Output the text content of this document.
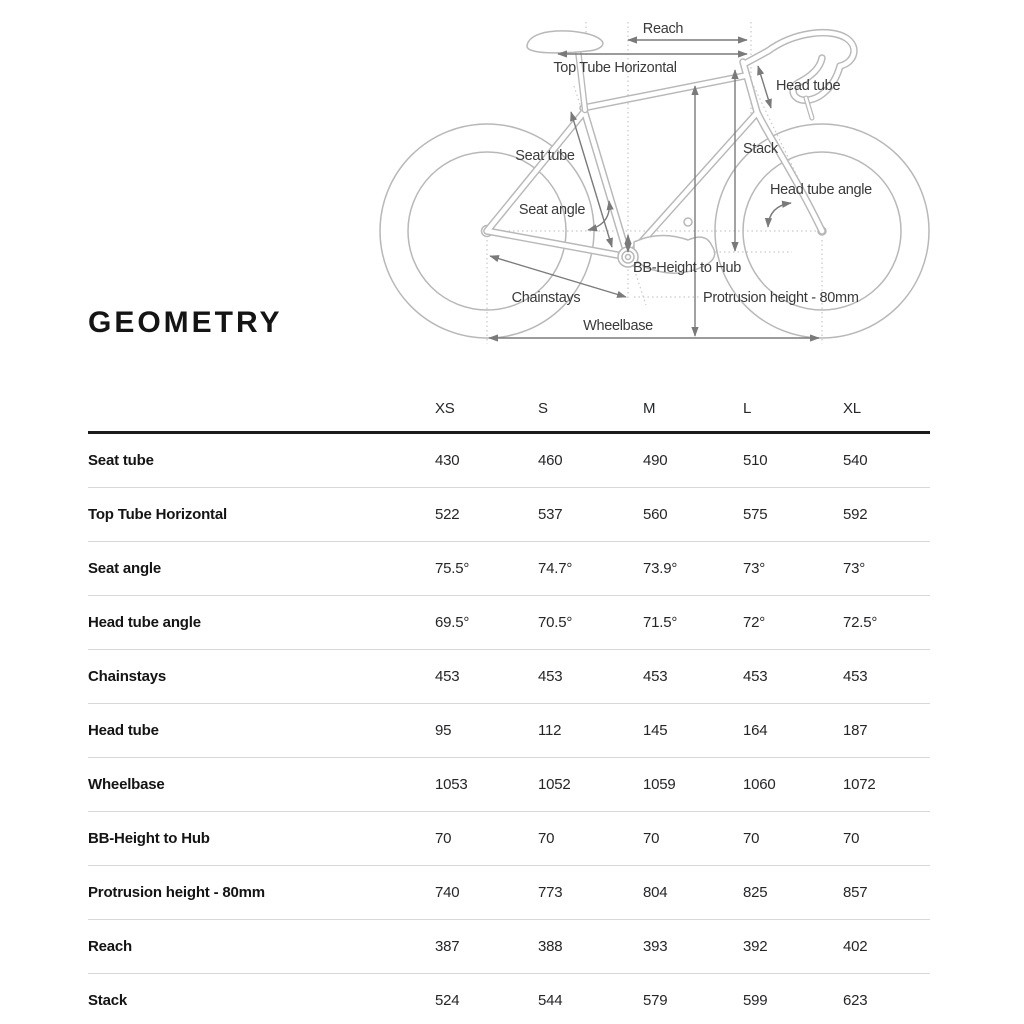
Reach
Top Tube Horizontal
Head tube
Seat tube	Stack
Head tube angle
Seat angle
BB-Height to Hub
Chainstays	Protrusion height - 80mm
Wheelbase
GEOMETRY
	XS	S	M	L	XL
Seat tube	430	460	490	510	540
Top Tube Horizontal	522	537	560	575	592
Seat angle	75.5°	74.7°	73.9°	73°	73°
Head tube angle	69.5°	70.5°	71.5°	72°	72.5°
Chainstays	453	453	453	453	453
Head tube	95	112	145	164	187
Wheelbase	1053	1052	1059	1060	1072
BB-Height to Hub	70	70	70	70	70
Protrusion height - 80mm	740	773	804	825	857
Reach	387	388	393	392	402
Stack	524	544	579	599	623
